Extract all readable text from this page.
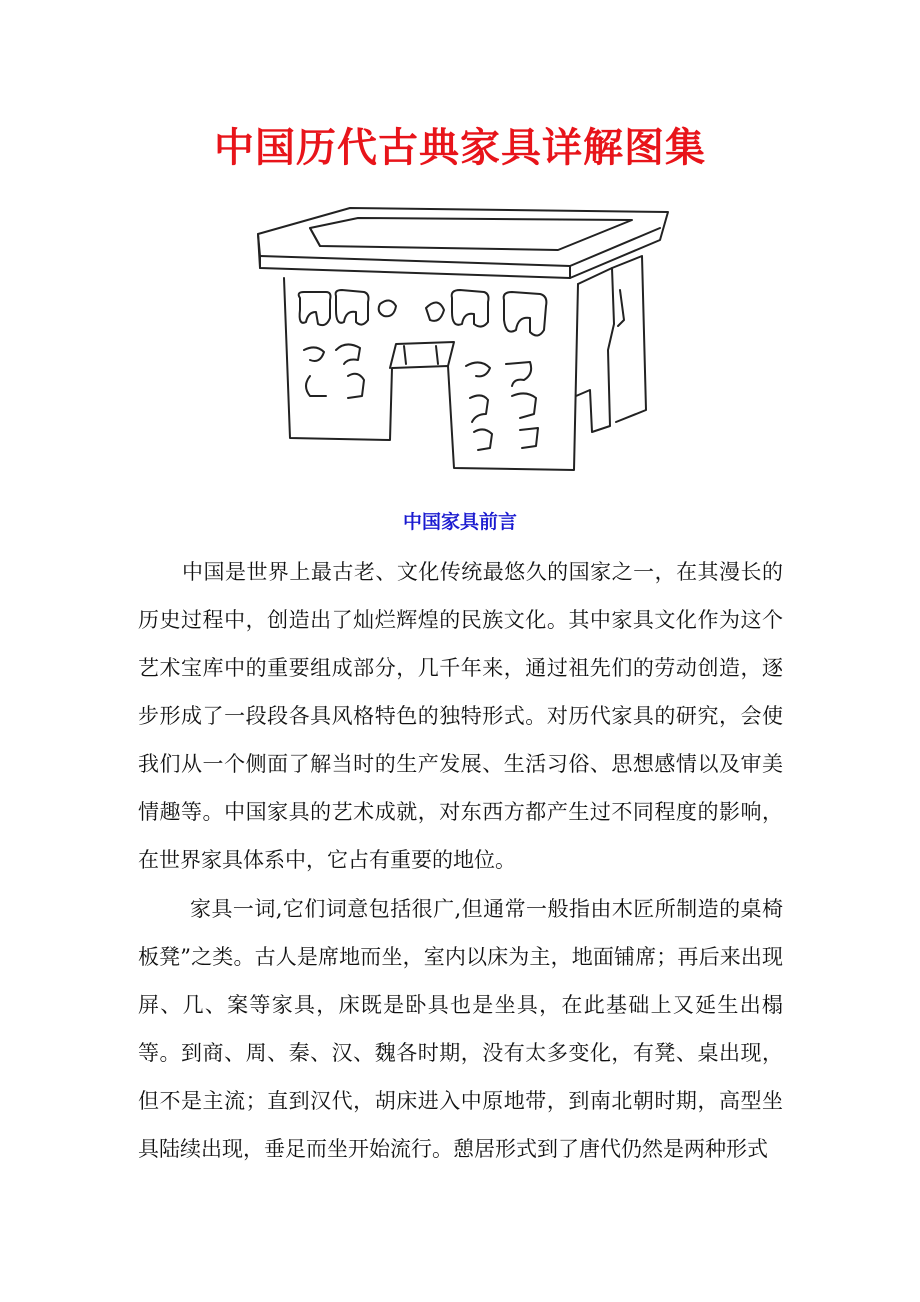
中国历代古典家具详解图集
中国家具前言

中国是世界上最古老、文化传统最悠久的国家之一，在其漫长的历史过程中，创造出了灿烂辉煌的民族文化。其中家具文化作为这个艺术宝库中的重要组成部分，几千年来，通过祖先们的劳动创造，逐步形成了一段段各具风格特色的独特形式。对历代家具的研究，会使我们从一个侧面了解当时的生产发展、生活习俗、思想感情以及审美情趣等。中国家具的艺术成就，对东西方都产生过不同程度的影响，在世界家具体系中，它占有重要的地位。

家具一词,它们词意包括很广,但通常一般指由木匠所制造的桌椅板凳”之类。古人是席地而坐，室内以床为主，地面铺席；再后来出现屏、几、案等家具，床既是卧具也是坐具，在此基础上又延生出榻等。到商、周、秦、汉、魏各时期，没有太多变化，有凳、桌出现，但不是主流；直到汉代，胡床进入中原地带，到南北朝时期，高型坐具陆续出现，垂足而坐开始流行。憩居形式到了唐代仍然是两种形式
